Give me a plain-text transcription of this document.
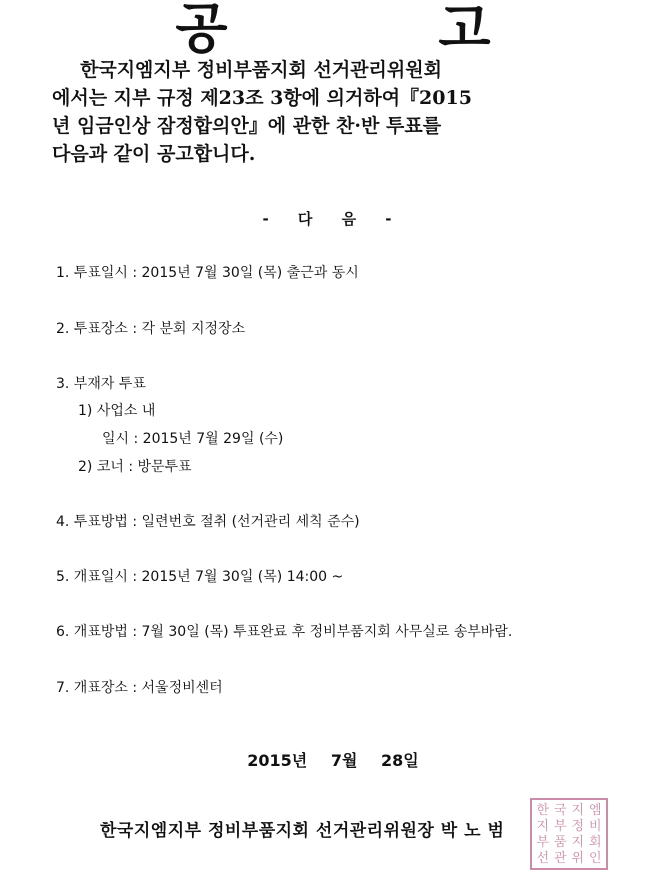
공 고
한국지엠지부 정비부품지회 선거관리위원회
에서는 지부 규정 제23조 3항에 의거하여『2015
년 임금인상 잠정합의안』에 관한 찬·반 투표를
다음과 같이 공고합니다.
- 다 음 -
1. 투표일시 : 2015년 7월 30일 (목) 출근과 동시
2. 투표장소 : 각 분회 지정장소
3. 부재자 투표
1) 사업소 내
일시 : 2015년 7월 29일 (수)
2) 코너 : 방문투표
4. 투표방법 : 일련번호 절취 (선거관리 세칙 준수)
5. 개표일시 : 2015년 7월 30일 (목) 14:00 ~
6. 개표방법 : 7월 30일 (목) 투표완료 후 정비부품지회 사무실로 송부바람.
7. 개표장소 : 서울정비센터
2015년 7월 28일
한국지엠지부 정비부품지회 선거관리위원장 박 노 범
한 국 지 엠
지 부 정 비
부 품 지 회
선 관 위 인
